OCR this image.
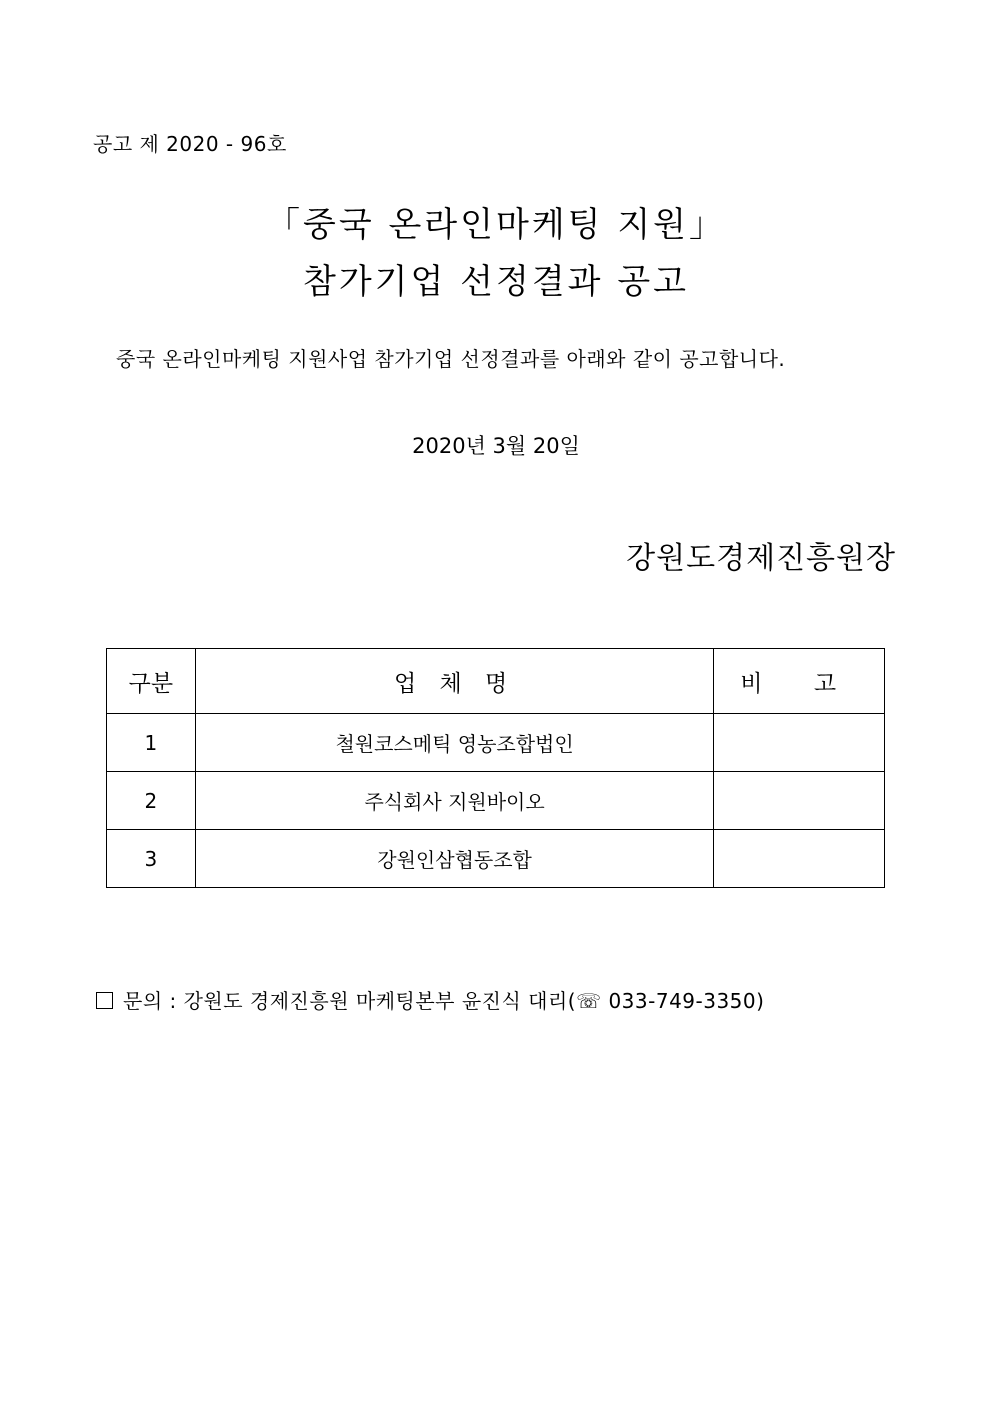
공고 제 2020 - 96호
「중국 온라인마케팅 지원」
참가기업 선정결과 공고
중국 온라인마케팅 지원사업 참가기업 선정결과를 아래와 같이 공고합니다.
2020년 3월 20일
강원도경제진흥원장
구분	업 체 명	비 고
1	철원코스메틱 영농조합법인	
2	주식회사 지원바이오	
3	강원인삼협동조합	
문의 : 강원도 경제진흥원 마케팅본부 윤진식 대리(☏ 033-749-3350)
